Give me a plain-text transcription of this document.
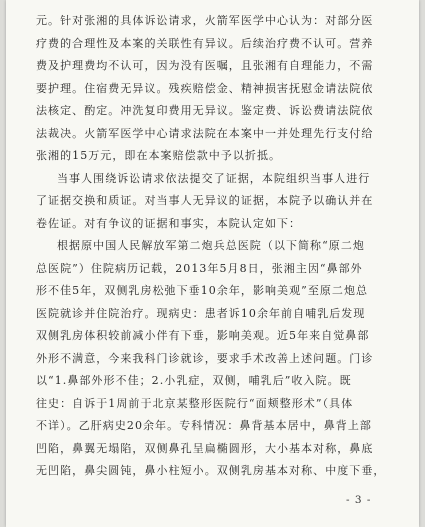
元。针对张湘的具体诉讼请求，火箭军医学中心认为：对部分医
疗费的合理性及本案的关联性有异议。后续治疗费不认可。营养
费及护理费均不认可，因为没有医嘱，且张湘有自理能力，不需
要护理。住宿费无异议。残疾赔偿金、精神损害抚慰金请法院依
法核定、酌定。冲洗复印费用无异议。鉴定费、诉讼费请法院依
法裁决。火箭军医学中心请求法院在本案中一并处理先行支付给
张湘的15万元，即在本案赔偿款中予以折抵。
当事人围绕诉讼请求依法提交了证据，本院组织当事人进行
了证据交换和质证。对当事人无异议的证据，本院予以确认并在
卷佐证。对有争议的证据和事实，本院认定如下：
根据原中国人民解放军第二炮兵总医院（以下简称“原二炮
总医院”）住院病历记载，2013年5月8日，张湘主因“鼻部外
形不佳5年，双侧乳房松弛下垂10余年，影响美观”至原二炮总
医院就诊并住院治疗。现病史：患者诉10余年前自哺乳后发现
双侧乳房体积较前减小伴有下垂，影响美观。近5年来自觉鼻部
外形不满意，今来我科门诊就诊，要求手术改善上述问题。门诊
以“1.鼻部外形不佳；2.小乳症，双侧，哺乳后”收入院。既
往史：自诉于1周前于北京某整形医院行“面颊整形术”（具体
不详）。乙肝病史20余年。专科情况：鼻背基本居中，鼻背上部
凹陷，鼻翼无塌陷，双侧鼻孔呈扁椭圆形，大小基本对称，鼻底
无凹陷，鼻尖圆钝，鼻小柱短小。双侧乳房基本对称、中度下垂，
- 3 -
